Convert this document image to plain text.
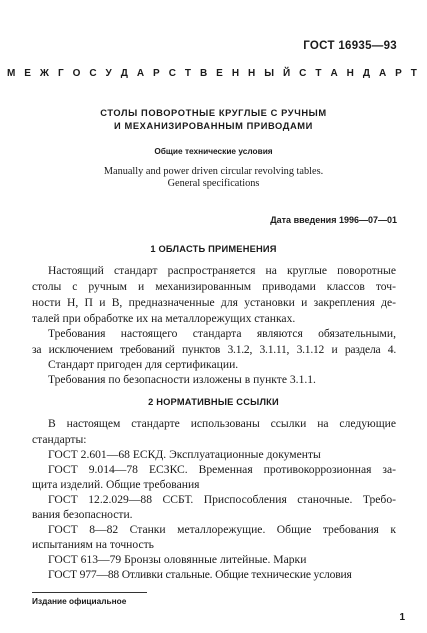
ГОСТ 16935—93
М Е Ж Г О С У Д А Р С Т В Е Н Н Ы Й С Т А Н Д А Р Т
СТОЛЫ ПОВОРОТНЫЕ КРУГЛЫЕ С РУЧНЫМ
И МЕХАНИЗИРОВАННЫМ ПРИВОДАМИ
Общие технические условия
Manually and power driven circular revolving tables.
General specifications
Дата введения 1996—07—01
1 ОБЛАСТЬ ПРИМЕНЕНИЯ
Настоящий стандарт распространяется на круглые поворотные
столы с ручным и механизированным приводами классов точ-
ности Н, П и В, предназначенные для установки и закрепления де-
талей при обработке их на металлорежущих станках.
Требования настоящего стандарта являются обязательными,
за исключением требований пунктов 3.1.2, 3.1.11, 3.1.12 и раздела 4.
Стандарт пригоден для сертификации.
Требования по безопасности изложены в пункте 3.1.1.
2 НОРМАТИВНЫЕ ССЫЛКИ
В настоящем стандарте использованы ссылки на следующие
стандарты:
ГОСТ 2.601—68 ЕСКД. Эксплуатационные документы
ГОСТ 9.014—78 ЕСЗКС. Временная противокоррозионная за-
щита изделий. Общие требования
ГОСТ 12.2.029—88 ССБТ. Приспособления станочные. Требо-
вания безопасности.
ГОСТ 8—82 Станки металлорежущие. Общие требования к
испытаниям на точность
ГОСТ 613—79 Бронзы оловянные литейные. Марки
ГОСТ 977—88 Отливки стальные. Общие технические условия
Издание официальное
1
